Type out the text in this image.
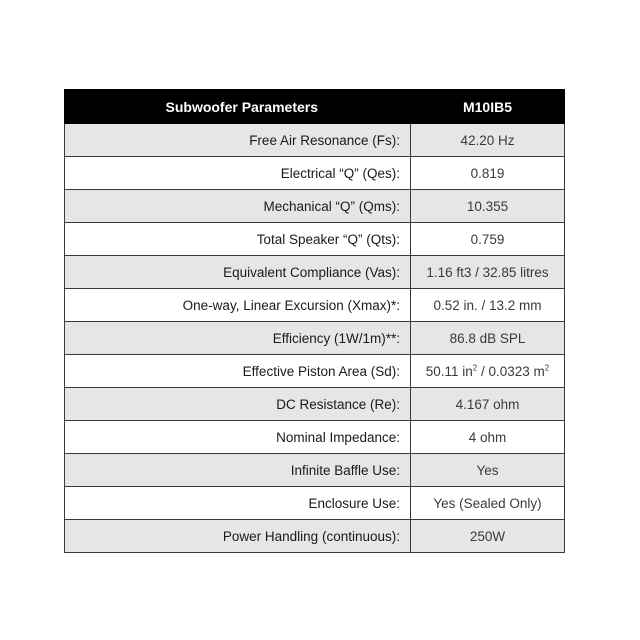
Subwoofer Parameters	M10IB5
Free Air Resonance (Fs):	42.20 Hz
Electrical “Q” (Qes):	0.819
Mechanical “Q” (Qms):	10.355
Total Speaker “Q” (Qts):	0.759
Equivalent Compliance (Vas):	1.16 ft3 / 32.85 litres
One-way, Linear Excursion (Xmax)*:	0.52 in. / 13.2 mm
Efficiency (1W/1m)**:	86.8 dB SPL
Effective Piston Area (Sd):	50.11 $in^2 / 0.0323$ $m^2$
DC Resistance (Re):	4.167 ohm
Nominal Impedance:	4 ohm
Infinite Baffle Use:	Yes
Enclosure Use:	Yes (Sealed Only)
Power Handling (continuous):	250W
